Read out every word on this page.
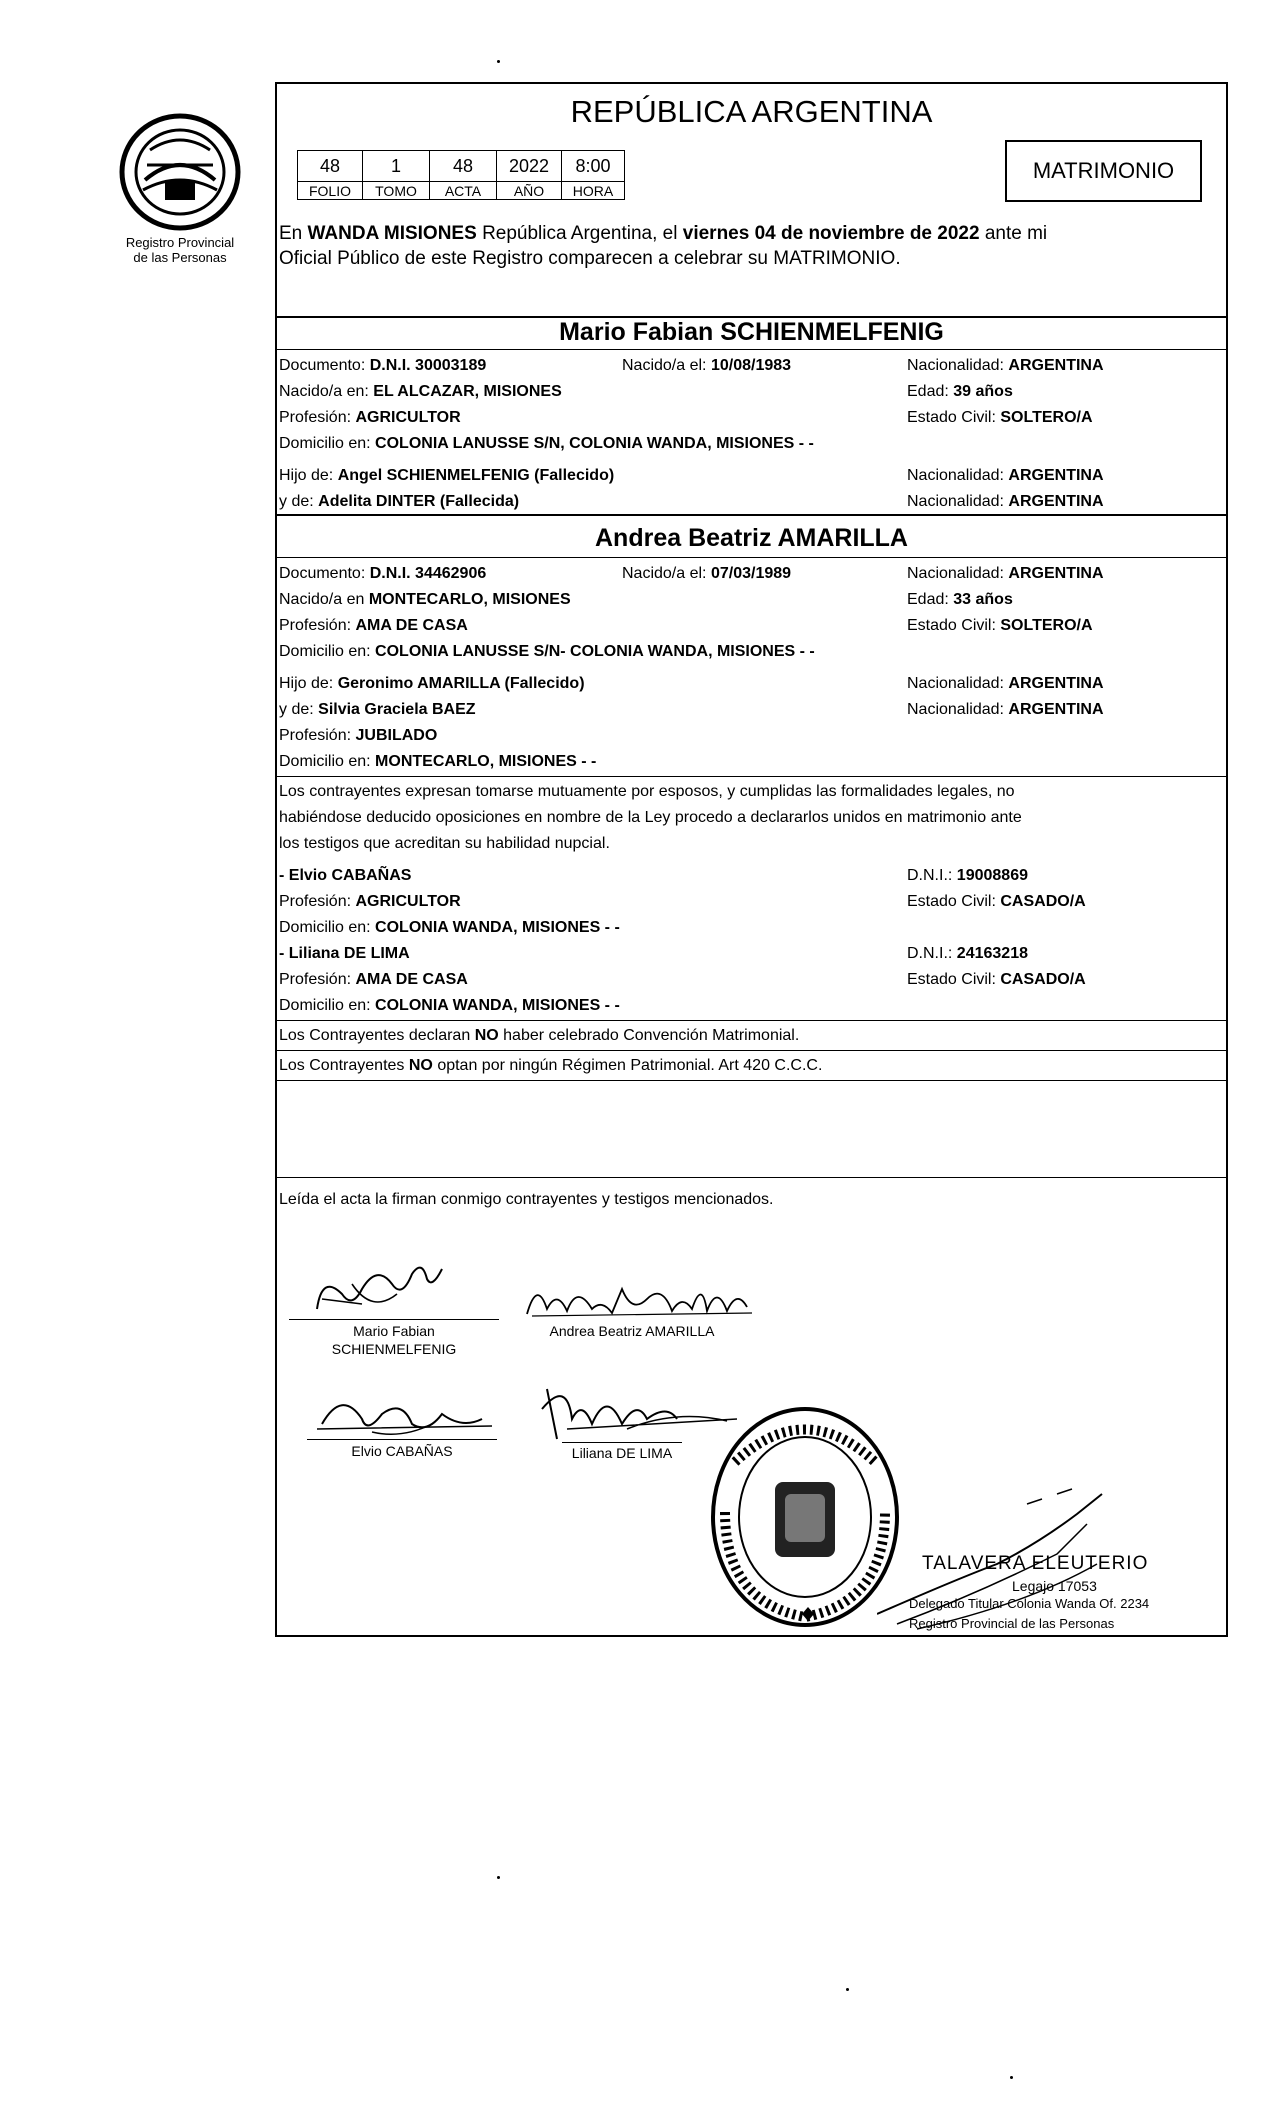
Registro Provincial
de las Personas
REPÚBLICA ARGENTINA
48	1	48	2022	8:00
FOLIO	TOMO	ACTA	AÑO	HORA
MATRIMONIO
En WANDA MISIONES República Argentina, el viernes 04 de noviembre de 2022 ante mi
Oficial Público de este Registro comparecen a celebrar su MATRIMONIO.
Mario Fabian SCHIENMELFENIG
Documento: D.N.I. 30003189	Nacido/a el: 10/08/1983	Nacionalidad: ARGENTINA
Nacido/a en: EL ALCAZAR, MISIONES	Edad: 39 años
Profesión: AGRICULTOR	Estado Civil: SOLTERO/A
Domicilio en: COLONIA LANUSSE S/N, COLONIA WANDA, MISIONES - -
Hijo de: Angel SCHIENMELFENIG (Fallecido)	Nacionalidad: ARGENTINA
y de: Adelita DINTER (Fallecida)	Nacionalidad: ARGENTINA
Andrea Beatriz AMARILLA
Documento: D.N.I. 34462906	Nacido/a el: 07/03/1989	Nacionalidad: ARGENTINA
Nacido/a en MONTECARLO, MISIONES	Edad: 33 años
Profesión: AMA DE CASA	Estado Civil: SOLTERO/A
Domicilio en: COLONIA LANUSSE S/N- COLONIA WANDA, MISIONES - -
Hijo de: Geronimo AMARILLA (Fallecido)	Nacionalidad: ARGENTINA
y de: Silvia Graciela BAEZ	Nacionalidad: ARGENTINA
Profesión: JUBILADO
Domicilio en: MONTECARLO, MISIONES - -
Los contrayentes expresan tomarse mutuamente por esposos, y cumplidas las formalidades legales, no
habiéndose deducido oposiciones en nombre de la Ley procedo a declararlos unidos en matrimonio ante
los testigos que acreditan su habilidad nupcial.
- Elvio CABAÑAS	D.N.I.: 19008869
Profesión: AGRICULTOR	Estado Civil: CASADO/A
Domicilio en: COLONIA WANDA, MISIONES - -
- Liliana DE LIMA	D.N.I.: 24163218
Profesión: AMA DE CASA	Estado Civil: CASADO/A
Domicilio en: COLONIA WANDA, MISIONES - -
Los Contrayentes declaran NO haber celebrado Convención Matrimonial.
Los Contrayentes NO optan por ningún Régimen Patrimonial. Art 420 C.C.C.
Leída el acta la firman conmigo contrayentes y testigos mencionados.
Mario Fabian
SCHIENMELFENIG
Andrea Beatriz AMARILLA
Elvio CABAÑAS	Liliana DE LIMA
TALAVERA ELEUTERIO
Legajo 17053
Delegado Titular Colonia Wanda Of. 2234
Registro Provincial de las Personas
